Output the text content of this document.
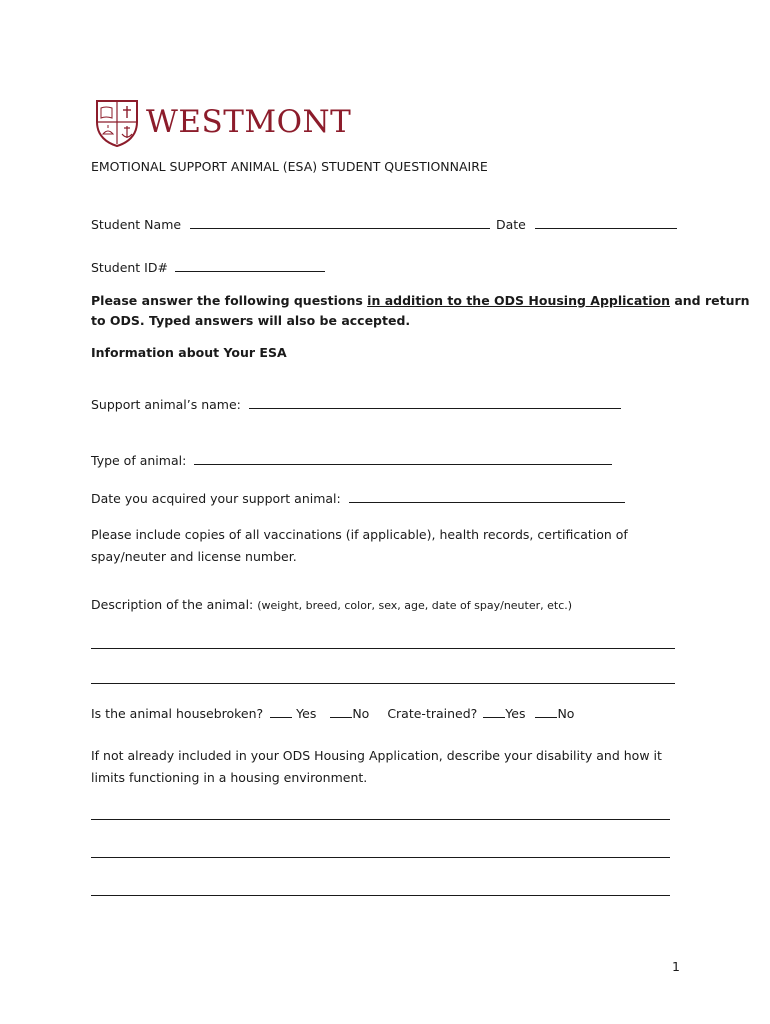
WESTMONT
EMOTIONAL SUPPORT ANIMAL (ESA) STUDENT QUESTIONNAIRE
Student Name	Date
Student ID#
Please answer the following questions in addition to the ODS Housing Application and return
to ODS. Typed answers will also be accepted.
Information about Your ESA
Support animal’s name:
Type of animal:
Date you acquired your support animal:
Please include copies of all vaccinations (if applicable), health records, certification of
spay/neuter and license number.
Description of the animal: (weight, breed, color, sex, age, date of spay/neuter, etc.)
Is the animal housebroken?	Yes	No Crate-trained? Yes	No
If not already included in your ODS Housing Application, describe your disability and how it
limits functioning in a housing environment.
1
